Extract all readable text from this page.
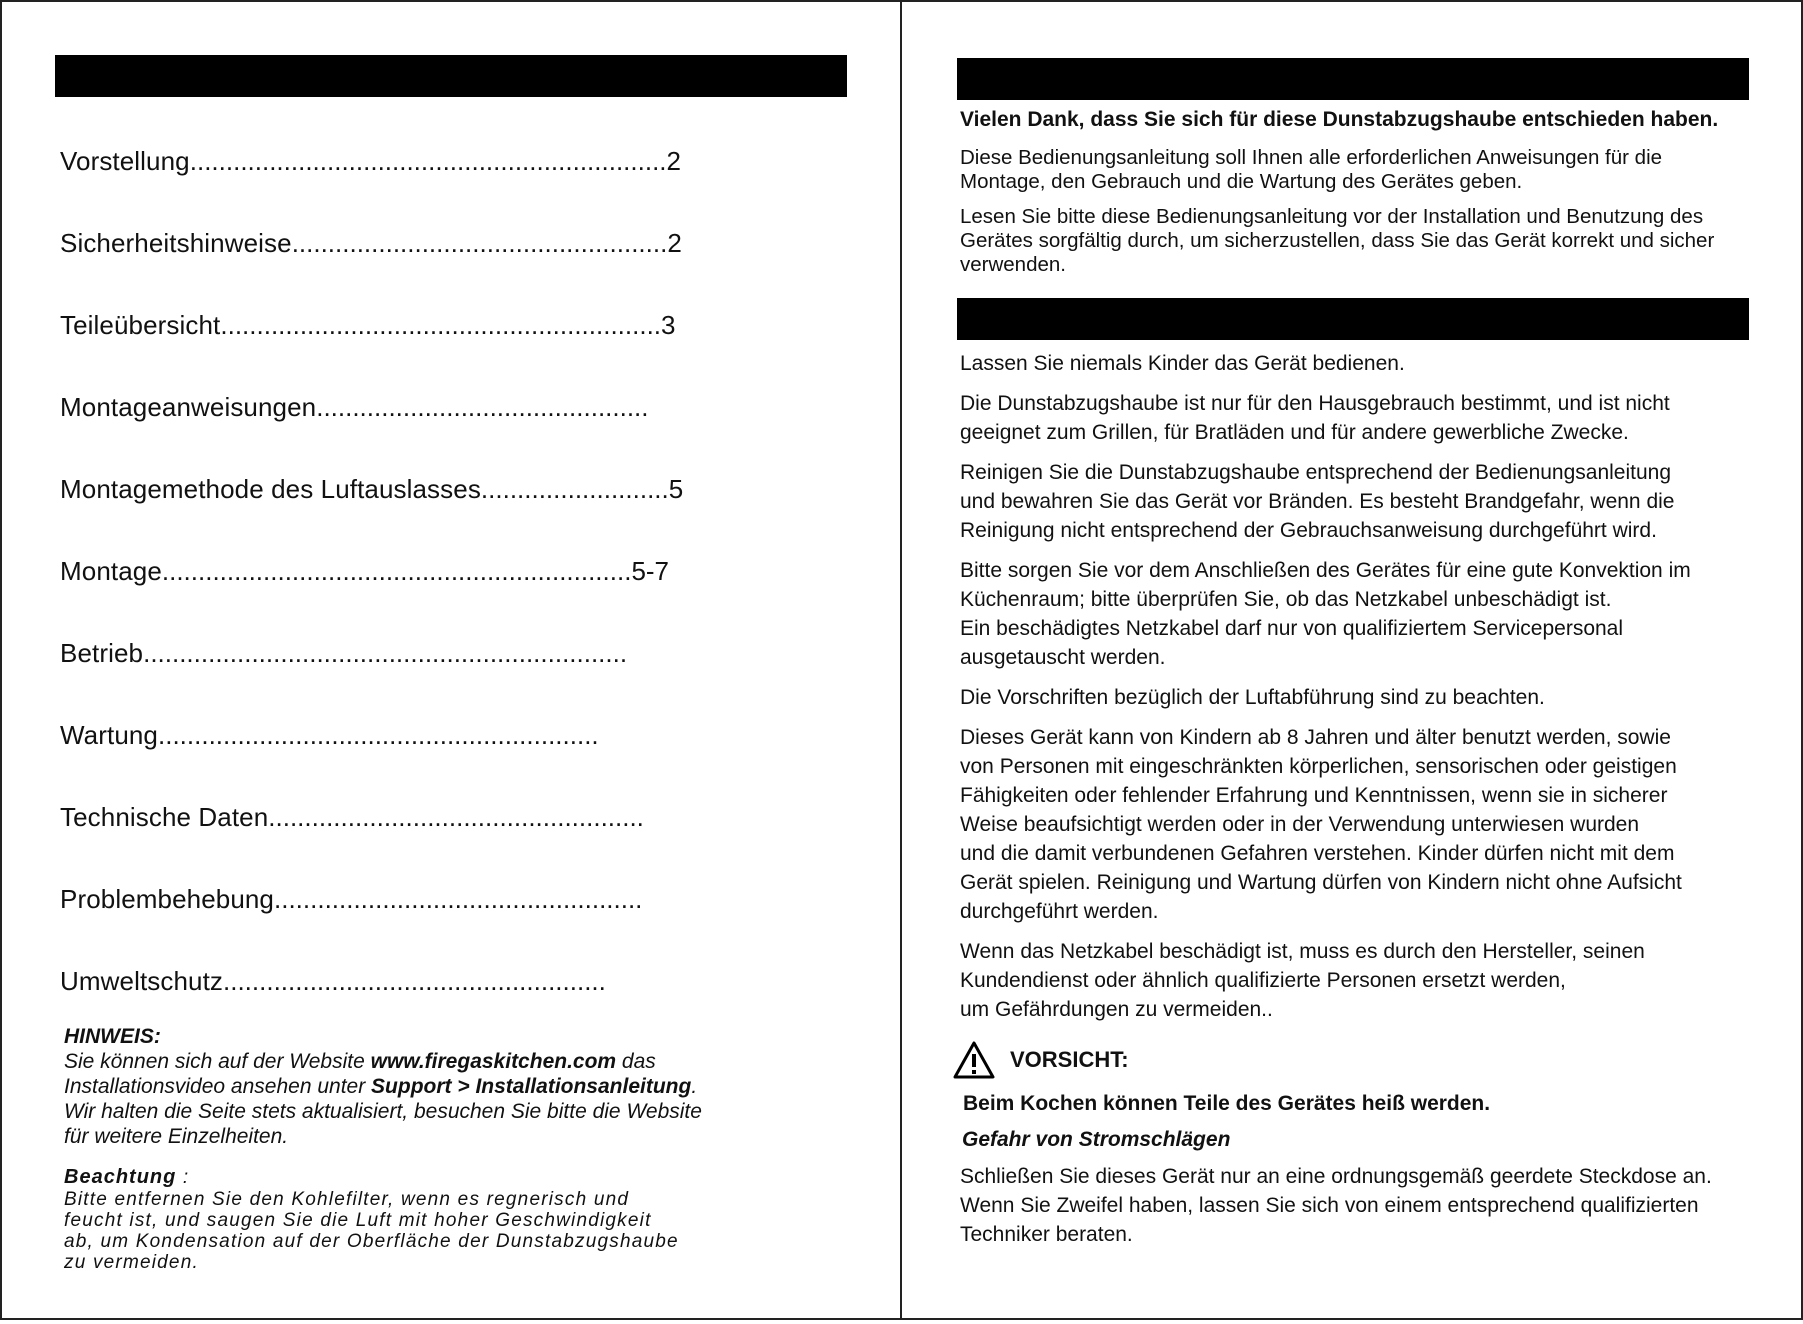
Vorstellung..................................................................2
Sicherheitshinweise....................................................2
Teileübersicht.............................................................3
Montageanweisungen..............................................
Montagemethode des Luftauslasses..........................5
Montage.................................................................5-7
Betrieb...................................................................
Wartung.............................................................
Technische Daten....................................................
Problembehebung...................................................
Umweltschutz.....................................................
HINWEIS:
Sie können sich auf der Website www.firegaskitchen.com das
Installationsvideo ansehen unter Support > Installationsanleitung.
Wir halten die Seite stets aktualisiert, besuchen Sie bitte die Website
für weitere Einzelheiten.
Beachtung :
Bitte entfernen Sie den Kohlefilter, wenn es regnerisch und
feucht ist, und saugen Sie die Luft mit hoher Geschwindigkeit
ab, um Kondensation auf der Oberfläche der Dunstabzugshaube
zu vermeiden.
Vielen Dank, dass Sie sich für diese Dunstabzugshaube entschieden haben.
Diese Bedienungsanleitung soll Ihnen alle erforderlichen Anweisungen für die
Montage, den Gebrauch und die Wartung des Gerätes geben.
Lesen Sie bitte diese Bedienungsanleitung vor der Installation und Benutzung des
Gerätes sorgfältig durch, um sicherzustellen, dass Sie das Gerät korrekt und sicher
verwenden.
Lassen Sie niemals Kinder das Gerät bedienen.
Die Dunstabzugshaube ist nur für den Hausgebrauch bestimmt, und ist nicht
geeignet zum Grillen, für Bratläden und für andere gewerbliche Zwecke.
Reinigen Sie die Dunstabzugshaube entsprechend der Bedienungsanleitung
und bewahren Sie das Gerät vor Bränden. Es besteht Brandgefahr, wenn die
Reinigung nicht entsprechend der Gebrauchsanweisung durchgeführt wird.
Bitte sorgen Sie vor dem Anschließen des Gerätes für eine gute Konvektion im
Küchenraum; bitte überprüfen Sie, ob das Netzkabel unbeschädigt ist.
Ein beschädigtes Netzkabel darf nur von qualifiziertem Servicepersonal
ausgetauscht werden.
Die Vorschriften bezüglich der Luftabführung sind zu beachten.
Dieses Gerät kann von Kindern ab 8 Jahren und älter benutzt werden, sowie
von Personen mit eingeschränkten körperlichen, sensorischen oder geistigen
Fähigkeiten oder fehlender Erfahrung und Kenntnissen, wenn sie in sicherer
Weise beaufsichtigt werden oder in der Verwendung unterwiesen wurden
und die damit verbundenen Gefahren verstehen. Kinder dürfen nicht mit dem
Gerät spielen. Reinigung und Wartung dürfen von Kindern nicht ohne Aufsicht
durchgeführt werden.
Wenn das Netzkabel beschädigt ist, muss es durch den Hersteller, seinen
Kundendienst oder ähnlich qualifizierte Personen ersetzt werden,
um Gefährdungen zu vermeiden..
VORSICHT:
Beim Kochen können Teile des Gerätes heiß werden.
Gefahr von Stromschlägen
Schließen Sie dieses Gerät nur an eine ordnungsgemäß geerdete Steckdose an.
Wenn Sie Zweifel haben, lassen Sie sich von einem entsprechend qualifizierten
Techniker beraten.
